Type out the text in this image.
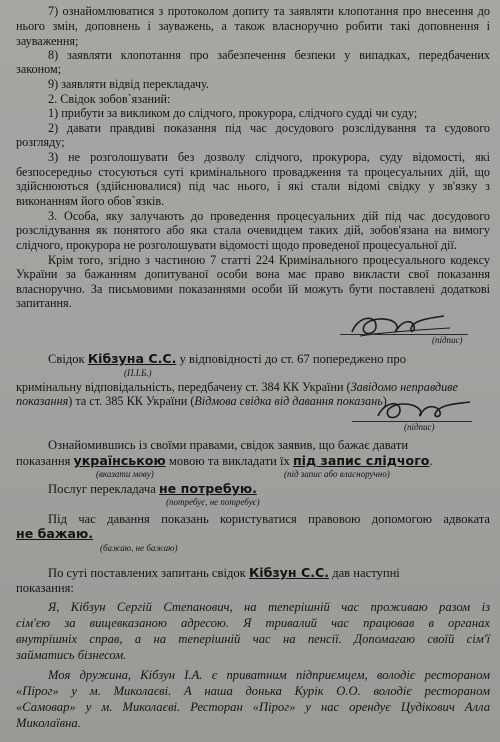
7) ознайомлюватися з протоколом допиту та заявляти клопотання про внесення до
нього змін, доповнень і зауважень, а також власноручно робити такі доповнення і
зауваження;
8) заявляти клопотання про забезпечення безпеки у випадках, передбачених
законом;
9) заявляти відвід перекладачу.
2. Свідок зобов`язаний:
1) прибути за викликом до слідчого, прокурора, слідчого судді чи суду;
2) давати правдиві показання під час досудового розслідування та судового
розгляду;
3) не розголошувати без дозволу слідчого, прокурора, суду відомості, які
безпосередньо стосуються суті кримінального провадження та процесуальних дій, що
здійснюються (здійснювалися) під час нього, і які стали відомі свідку у зв'язку з
виконанням його обов`язків.
3. Особа, яку залучають до проведення процесуальних дій під час досудового
розслідування як понятого або яка стала очевидцем таких дій, зобов'язана на вимогу
слідчого, прокурора не розголошувати відомості щодо проведеної процесуальної дії.
Крім того, згідно з частиною 7 статті 224 Кримінального процесуального кодексу
України за бажанням допитуваної особи вона має право викласти свої показання
власноручно. За письмовими показаннями особи їй можуть бути поставлені додаткові
запитання.
(підпис)
Свідок Кібзуна С.С. у відповідності до ст. 67 попереджено про
(П.І.Б.)
кримінальну відповідальність, передбачену ст. 384 КК України (Завідомо неправдиве
показання) та ст. 385 КК України (Відмова свідка від давання показань)
(підпис)
Ознайомившись із своїми правами, свідок заявив, що бажає давати
показання українською мовою та викладати їх під запис слідчого.
(вказати мову)	(під запис або власноручно)
Послуг перекладача не потребую.
(потребує, не потребує)
Під час давання показань користуватися правовою допомогою адвоката
не бажаю.
(бажаю, не бажаю)
По суті поставлених запитань свідок Кібзун С.С. дав наступні
показання:
Я, Кібзун Сергій Степанович, на теперішній час проживаю разом із
сім'єю за вищевказаною адресою. Я тривалий час працював в органах
внутрішніх справ, а на теперішній час на пенсії. Допомагаю своїй сім'ї
займатись бізнесом.
Моя дружина, Кібзун І.А. є приватним підприємцем, володіє рестораном
«Пірог» у м. Миколаєві. А наша донька Курік О.О. володіє рестораном
«Самовар» у м. Миколаєві. Ресторан «Пірог» у нас орендує Цудікович Алла
Миколаївна.
